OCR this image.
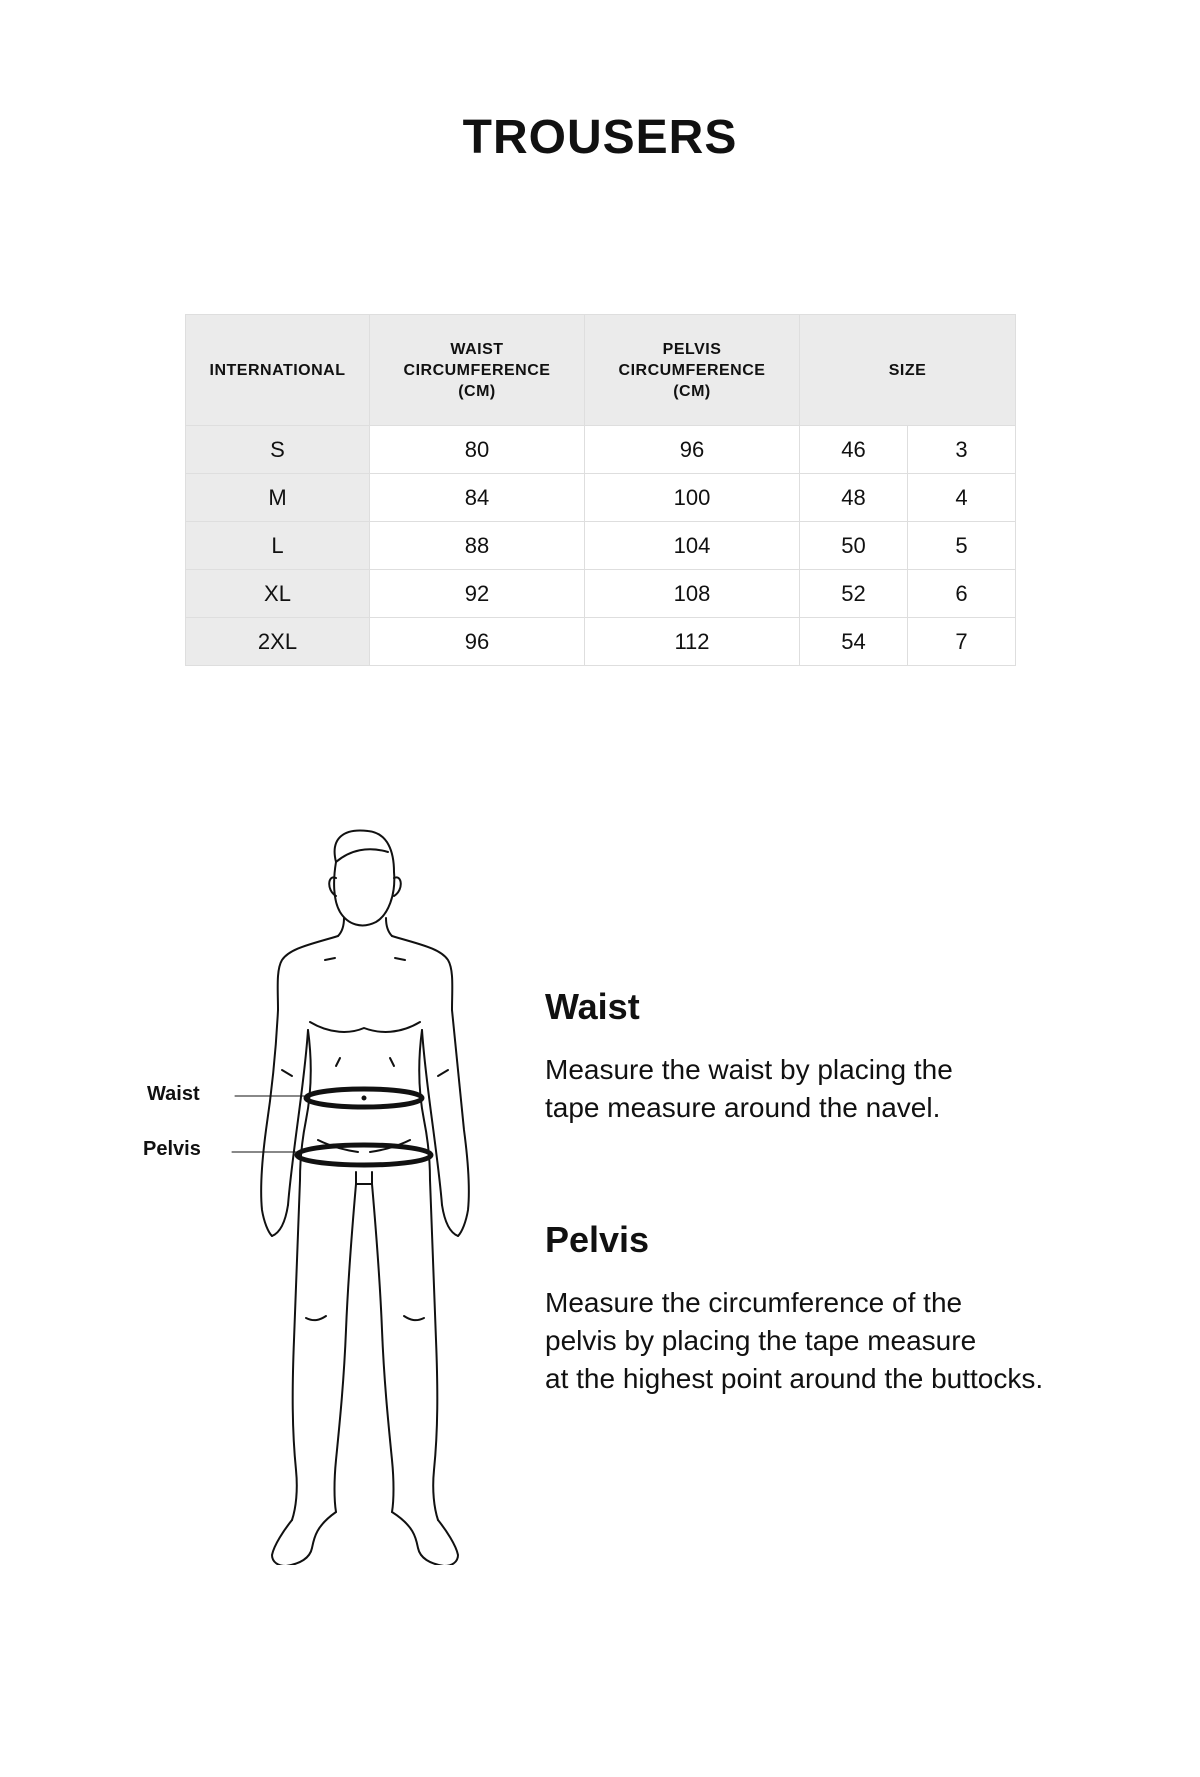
TROUSERS
INTERNATIONAL	WAIST
CIRCUMFERENCE
(CM)	PELVIS
CIRCUMFERENCE
(CM)	SIZE	
S	80	96	46	3
M	84	100	48	4
L	88	104	50	5
XL	92	108	52	6
2XL	96	112	54	7
Waist
Pelvis
Waist

Measure the waist by placing the
tape measure around the navel.

Pelvis

Measure the circumference of the
pelvis by placing the tape measure
at the highest point around the buttocks.
